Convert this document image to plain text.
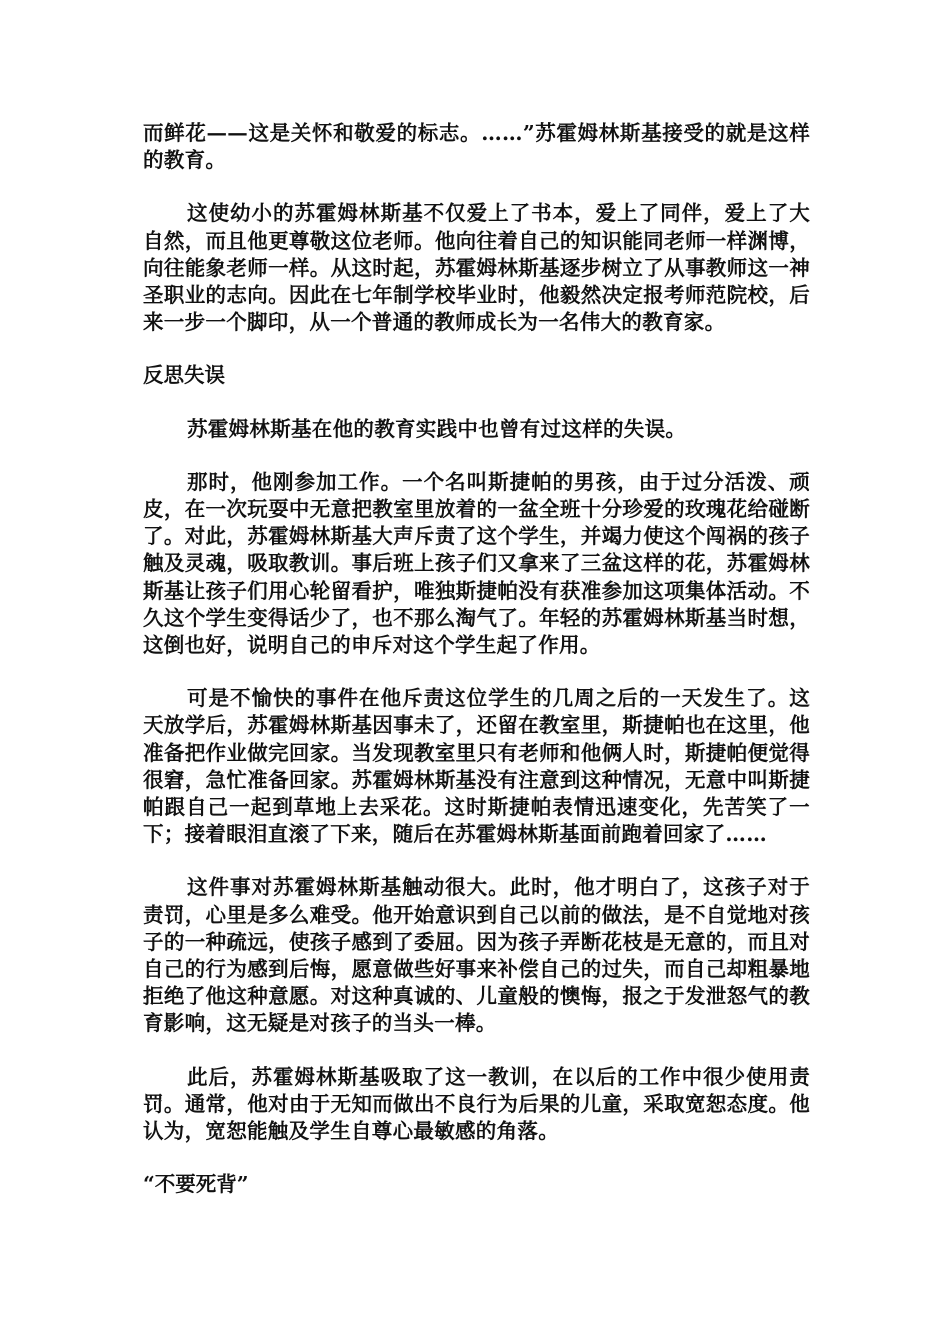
而鲜花——这是关怀和敬爱的标志。……”苏霍姆林斯基接受的就是这样的教育。

这使幼小的苏霍姆林斯基不仅爱上了书本，爱上了同伴，爱上了大自然，而且他更尊敬这位老师。他向往着自己的知识能同老师一样渊博，向往能象老师一样。从这时起，苏霍姆林斯基逐步树立了从事教师这一神圣职业的志向。因此在七年制学校毕业时，他毅然决定报考师范院校，后来一步一个脚印，从一个普通的教师成长为一名伟大的教育家。

反思失误

苏霍姆林斯基在他的教育实践中也曾有过这样的失误。

那时，他刚参加工作。一个名叫斯捷帕的男孩，由于过分活泼、顽皮，在一次玩耍中无意把教室里放着的一盆全班十分珍爱的玫瑰花给碰断了。对此，苏霍姆林斯基大声斥责了这个学生，并竭力使这个闯祸的孩子触及灵魂，吸取教训。事后班上孩子们又拿来了三盆这样的花，苏霍姆林斯基让孩子们用心轮留看护，唯独斯捷帕没有获准参加这项集体活动。不久这个学生变得话少了，也不那么淘气了。年轻的苏霍姆林斯基当时想，这倒也好，说明自己的申斥对这个学生起了作用。

可是不愉快的事件在他斥责这位学生的几周之后的一天发生了。这天放学后，苏霍姆林斯基因事未了，还留在教室里，斯捷帕也在这里，他准备把作业做完回家。当发现教室里只有老师和他俩人时，斯捷帕便觉得很窘，急忙准备回家。苏霍姆林斯基没有注意到这种情况，无意中叫斯捷帕跟自己一起到草地上去采花。这时斯捷帕表情迅速变化，先苦笑了一下；接着眼泪直滚了下来，随后在苏霍姆林斯基面前跑着回家了……

这件事对苏霍姆林斯基触动很大。此时，他才明白了，这孩子对于责罚，心里是多么难受。他开始意识到自己以前的做法，是不自觉地对孩子的一种疏远，使孩子感到了委屈。因为孩子弄断花枝是无意的，而且对自己的行为感到后悔，愿意做些好事来补偿自己的过失，而自己却粗暴地拒绝了他这种意愿。对这种真诚的、儿童般的懊悔，报之于发泄怒气的教育影响，这无疑是对孩子的当头一棒。

此后，苏霍姆林斯基吸取了这一教训，在以后的工作中很少使用责罚。通常，他对由于无知而做出不良行为后果的儿童，采取宽恕态度。他认为，宽恕能触及学生自尊心最敏感的角落。

“不要死背”
